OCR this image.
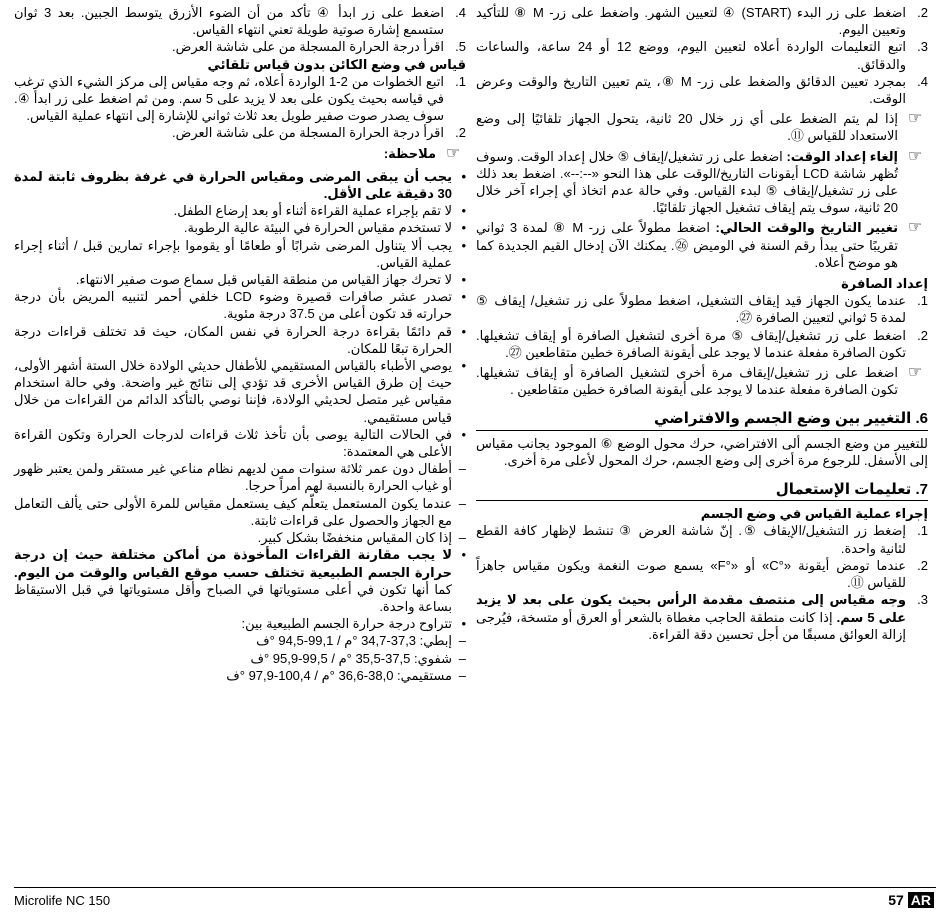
2.
اضغط على زر البدء (START) ④ لتعيين الشهر. واضغط على زر- M ⑧ للتأكيد وتعيين اليوم.
3.
اتبع التعليمات الواردة أعلاه لتعيين اليوم، ووضع 12 أو 24 ساعة، والساعات والدقائق.
4.
بمجرد تعيين الدقائق والضغط على زر- M ⑧، يتم تعيين التاريخ والوقت وعرض الوقت.
☞
إذا لم يتم الضغط على أي زر خلال 20 ثانية، يتحول الجهاز تلقائيًا إلى وضع الاستعداد للقياس ⑪.
☞
إلغاء إعداد الوقت: اضغط على زر تشغيل/إيقاف ⑤ خلال إعداد الوقت. وسوف تُظهر شاشة LCD أيقونات التاريخ/الوقت على هذا النحو «--:--». اضغط بعد ذلك على زر تشغيل/إيقاف ⑤ لبدء القياس. وفي حالة عدم اتخاذ أي إجراء آخر خلال 20 ثانية، سوف يتم إيقاف تشغيل الجهاز تلقائيًا.
☞
تغيير التاريخ والوقت الحالي: اضغط مطولاً على زر- M ⑧ لمدة 3 ثواني تقريبًا حتى يبدأ رقم السنة في الوميض ㉖. يمكنك الآن إدخال القيم الجديدة كما هو موضح أعلاه.
إعداد الصافرة
1.
عندما يكون الجهاز قيد إيقاف التشغيل، اضغط مطولاً على زر تشغيل/ إيقاف ⑤ لمدة 5 ثواني لتعيين الصافرة ㉗.
2.
اضغط على زر تشغيل/إيقاف ⑤ مرة أخرى لتشغيل الصافرة أو إيقاف تشغيلها. تكون الصافرة مفعلة عندما لا يوجد على أيقونة الصافرة خطين متقاطعين ㉗.
☞
اضغط على زر تشغيل/إيقاف مرة أخرى لتشغيل الصافرة أو إيقاف تشغيلها. تكون الصافرة مفعلة عندما لا يوجد على أيقونة الصافرة خطين متقاطعين .
6. التغيير بين وضع الجسم والافتراضي

للتغيير من وضع الجسم ألى الافتراضي، حرك محول الوضع ⑥ الموجود بجانب مقياس إلى الأسفل. للرجوع مرة أخرى إلى وضع الجسم، حرك المحول لأعلى مرة أخرى.

7. تعليمات الإستعمال
إجراء عملية القياس في وضع الجسم
1.
إضغط زر التشغيل/الإيقاف ⑤. إنّ شاشة العرض ③ تنشط لإظهار كافة القطع لثانية واحدة.
2.
عندما تومض أيقونة «°C» أو «°F» يسمع صوت النغمة ويكون مقياس جاهزاً للقياس ⑪.
3.
وجه مقياس إلى منتصف مقدمة الرأس بحيث يكون على بعد لا يزيد على 5 سم. إذا كانت منطقة الحاجب مغطاة بالشعر أو العرق أو متسخة، فيُرجى إزالة العوائق مسبقًا من أجل تحسين دقة القراءة.
4.
اضغط على زر ابدأ ④ تأكد من أن الضوء الأزرق يتوسط الجبين. بعد 3 ثوان ستسمع إشارة صوتية طويلة تعني انتهاء القياس.
5.
اقرأ درجة الحرارة المسجلة من على شاشة العرض.
قياس في وضع الكائن بدون قياس تلقائي
1.
اتبع الخطوات من 2-1 الواردة أعلاه، ثم وجه مقياس إلى مركز الشيء الذي ترغب في قياسه بحيث يكون على بعد لا يزيد على 5 سم. ومن ثم اضغط على زر ابدأ ④. سوف يصدر صوت صفير طويل بعد ثلاث ثواني للإشارة إلى انتهاء عملية القياس.
2.
اقرأ درجة الحرارة المسجلة من على شاشة العرض.
☞
ملاحظة:
• يجب أن يبقى المرضى ومقياس الحرارة في غرفة بظروف ثابتة لمدة 30 دقيقة على الأقل.
• لا تقم بإجراء عملية القراءة أثناء أو بعد إرضاع الطفل.
• لا تستخدم مقياس الحرارة في البيئة عالية الرطوبة.
• يجب ألا يتناول المرضى شرابًا أو طعامًا أو يقوموا بإجراء تمارين قبل / أثناء إجراء عملية القياس.
• لا تحرك جهاز القياس من منطقة القياس قبل سماع صوت صفير الانتهاء.
• تصدر عشر صافرات قصيرة وضوء LCD خلفي أحمر لتنبيه المريض بأن درجة حرارته قد تكون أعلى من 37.5 درجة مئوية.
• قم دائمًا بقراءة درجة الحرارة في نفس المكان، حيث قد تختلف قراءات درجة الحرارة تبعًا للمكان.
• يوصي الأطباء بالقياس المستقيمي للأطفال حديثي الولادة خلال الستة أشهر الأولى، حيث إن طرق القياس الأخرى قد تؤدي إلى نتائج غير واضحة. وفي حالة استخدام مقياس غير متصل لحديثي الولادة، فإننا نوصي بالتأكد الدائم من القراءات من خلال قياس مستقيمي.
• في الحالات التالية يوصى بأن تأخذ ثلاث قراءات لدرجات الحرارة وتكون القراءة الأعلى هي المعتمدة:
– أطفال دون عمر ثلاثة سنوات ممن لديهم نظام مناعي غير مستقر ولمن يعتبر ظهور أو غياب الحرارة بالنسبة لهم أمراً حرجا.
– عندما يكون المستعمل يتعلّم كيف يستعمل مقياس للمرة الأولى حتى يألف التعامل مع الجهاز والحصول على قراءات ثابتة.
– إذا كان المقياس منخفضًا بشكل كبير.
• لا يجب مقارنة القراءات المأخوذة من أماكن مختلفة حيث إن درجة حرارة الجسم الطبيعية تختلف حسب موقع القياس والوقت من اليوم. كما أنها تكون في أعلى مستوياتها في الصباح وأقل مستوياتها في قبل الاستيقاظ بساعة واحدة.
• تتراوح درجة حرارة الجسم الطبيعية بين:
– إبطي: 37,3-34,7 °م / 99,1-94,5 °ف
– شفوي: 37,5-35,5 °م / 99,5-95,9 °ف
– مستقيمي: 38,0-36,6 °م / 100,4-97,9 °ف
Microlife NC 150	57 AR
